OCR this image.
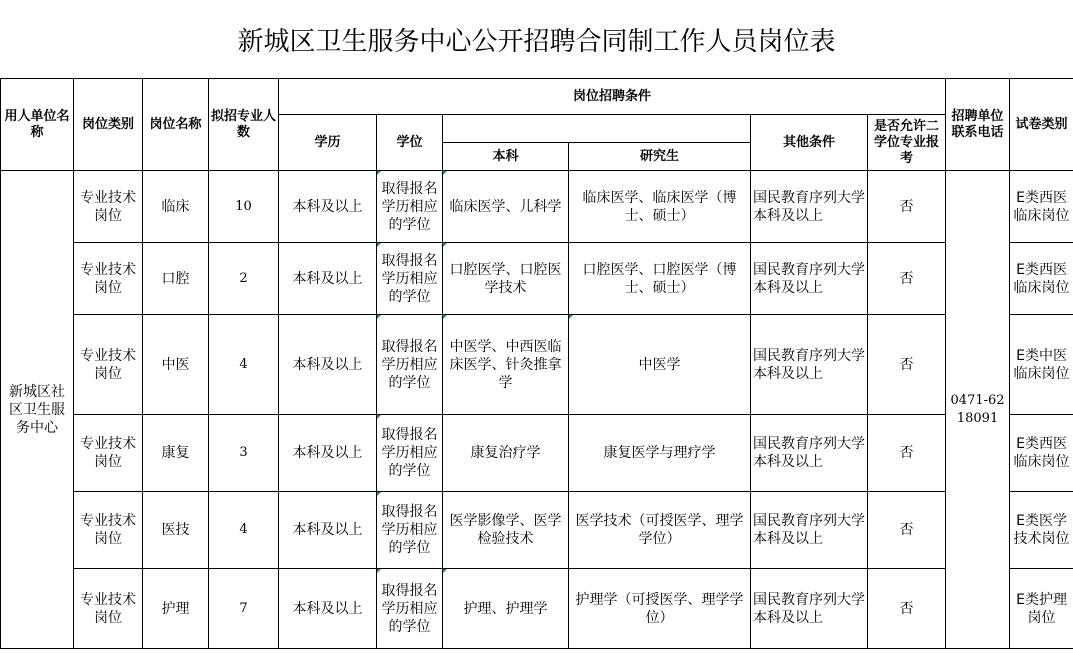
新城区卫生服务中心公开招聘合同制工作人员岗位表
用人单位名称	岗位类别	岗位名称	拟招专业人数	岗位招聘条件						招聘单位联系电话	试卷类别
				学历	学位			其他条件	是否允许二学位专业报考		
						本科	研究生				
新城区社区卫生服务中心	专业技术岗位	临床	10	本科及以上	取得报名学历相应的学位	临床医学、儿科学	临床医学、临床医学（博士、硕士）	国民教育序列大学本科及以上	否	0471-6218091	E类西医临床岗位
	专业技术岗位	口腔	2	本科及以上	取得报名学历相应的学位	口腔医学、口腔医学技术	口腔医学、口腔医学（博士、硕士）	国民教育序列大学本科及以上	否		E类西医临床岗位
	专业技术岗位	中医	4	本科及以上	取得报名学历相应的学位	中医学、中西医临床医学、针灸推拿学	中医学	国民教育序列大学本科及以上	否		E类中医临床岗位
	专业技术岗位	康复	3	本科及以上	取得报名学历相应的学位	康复治疗学	康复医学与理疗学	国民教育序列大学本科及以上	否		E类西医临床岗位
	专业技术岗位	医技	4	本科及以上	取得报名学历相应的学位	医学影像学、医学检验技术	医学技术（可授医学、理学学位）	国民教育序列大学本科及以上	否		E类医学技术岗位
	专业技术岗位	护理	7	本科及以上	取得报名学历相应的学位	护理、护理学	护理学（可授医学、理学学位）	国民教育序列大学本科及以上	否		E类护理岗位
